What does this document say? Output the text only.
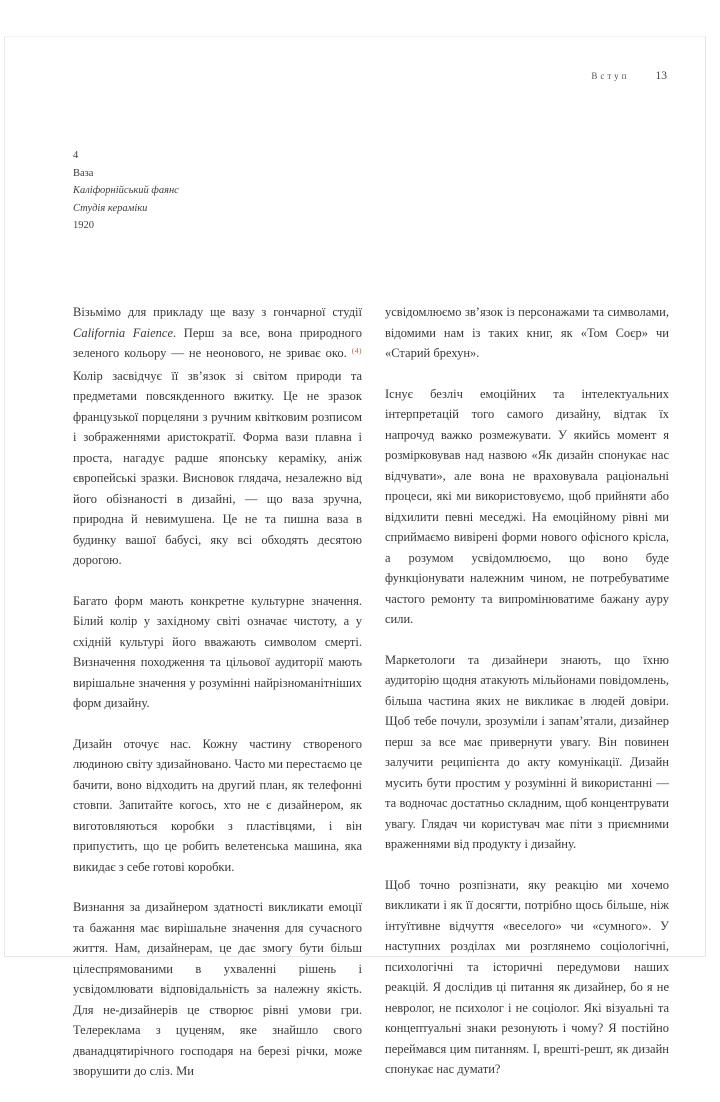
Вступ 13
4
Ваза
Каліфорнійський фаянс
Студія кераміки
1920

Візьмімо для прикладу ще вазу з гончарної студії California Faience. Перш за все, вона природного зеленого кольору — не неонового, не зриває око. $^{(4)}$ Колір засвідчує її зв’язок зі світом природи та предметами повсякденного вжитку. Це не зразок французької порцеляни з ручним квітковим розписом і зображеннями аристократії. Форма вази плавна і проста, нагадує радше японську кераміку, аніж європейські зразки. Висновок глядача, незалежно від його обізнаності в дизайні, — що ваза зручна, природна й невимушена. Це не та пишна ваза в будинку вашої бабусі, яку всі обходять десятою дорогою.

Багато форм мають конкретне культурне значення. Білий колір у західному світі означає чистоту, а у східній культурі його вважають символом смерті. Визначення походження та цільової аудиторії мають вирішальне значення у розумінні найрізноманітніших форм дизайну.

Дизайн оточує нас. Кожну частину створеного людиною світу здизайновано. Часто ми перестаємо це бачити, воно відходить на другий план, як телефонні стовпи. Запитайте когось, хто не є дизайнером, як виготовляються коробки з пластівцями, і він припустить, що це робить велетенська машина, яка викидає з себе готові коробки.

Визнання за дизайнером здатності викликати емоції та бажання має вирішальне значення для сучасного життя. Нам, дизайнерам, це дає змогу бути більш цілеспрямованими в ухваленні рішень і усвідомлювати відповідальність за належну якість. Для не-дизайнерів це створює рівні умови гри. Телереклама з цуценям, яке знайшло свого дванадцятирічного господаря на березі річки, може зворушити до сліз. Ми

усвідомлюємо зв’язок із персонажами та символами, відомими нам із таких книг, як «Том Соєр» чи «Старий брехун».

Існує безліч емоційних та інтелектуальних інтерпретацій того самого дизайну, відтак їх напрочуд важко розмежувати. У якийсь момент я розмірковував над назвою «Як дизайн спонукає нас відчувати», але вона не враховувала раціональні процеси, які ми використовуємо, щоб прийняти або відхилити певні меседжі. На емоційному рівні ми сприймаємо вивірені форми нового офісного крісла, а розумом усвідомлюємо, що воно буде функціонувати належним чином, не потребуватиме частого ремонту та випромінюватиме бажану ауру сили.

Маркетологи та дизайнери знають, що їхню аудиторію щодня атакують мільйонами повідомлень, більша частина яких не викликає в людей довіри. Щоб тебе почули, зрозуміли і запам’ятали, дизайнер перш за все має привернути увагу. Він повинен залучити реципієнта до акту комунікації. Дизайн мусить бути простим у розумінні й використанні — та водночас достатньо складним, щоб концентрувати увагу. Глядач чи користувач має піти з приємними враженнями від продукту і дизайну.

Щоб точно розпізнати, яку реакцію ми хочемо викликати і як її досягти, потрібно щось більше, ніж інтуїтивне відчуття «веселого» чи «сумного». У наступних розділах ми розглянемо соціологічні, психологічні та історичні передумови наших реакцій. Я дослідив ці питання як дизайнер, бо я не невролог, не психолог і не соціолог. Які візуальні та концептуальні знаки резонують і чому? Я постійно переймався цим питанням. І, врешті-решт, як дизайн спонукає нас думати?
